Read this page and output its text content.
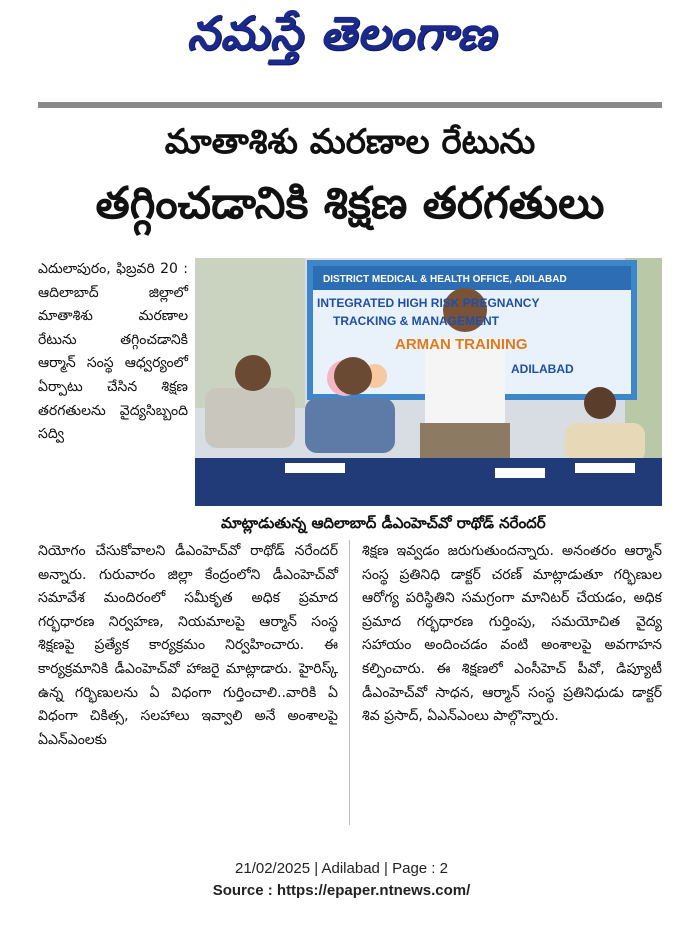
నమస్తే తెలంగాణ
మాతాశిశు మరణాల రేటును
తగ్గించడానికి శిక్షణ తరగతులు

ఎదులాపురం, ఫిబ్రవరి 20 : ఆదిలాబాద్ జిల్లాలో మాతాశిశు మరణాల రేటును తగ్గించడానికి ఆర్మాన్ సంస్థ ఆధ్వర్యంలో ఏర్పాటు చేసిన శిక్షణ తరగతులను వైద్యసిబ్బంది సద్వి

DISTRICT MEDICAL & HEALTH OFFICE, ADILABAD
INTEGRATED HIGH RISK PREGNANCY
TRACKING & MANAGEMENT
ARMAN TRAINING
ADILABAD
మాట్లాడుతున్న ఆదిలాబాద్ డీఎంహెచ్‌వో రాథోడ్ నరేందర్
నియోగం చేసుకోవాలని డీఎంహెచ్‌వో రాథోడ్ నరేందర్ అన్నారు. గురువారం జిల్లా కేంద్రంలోని డీఎంహెచ్‌వో సమావేశ మందిరంలో సమీకృత అధిక ప్రమాద గర్భధారణ నిర్వహణ, నియమాలపై ఆర్మాన్ సంస్థ శిక్షణపై ప్రత్యేక కార్యక్రమం నిర్వహించారు. ఈ కార్యక్రమానికి డీఎంహెచ్‌వో హాజరై మాట్లాడారు. హైరిస్క్ ఉన్న గర్భిణులను ఏ విధంగా గుర్తించాలి..వారికి ఏ విధంగా చికిత్స, సలహాలు ఇవ్వాలి అనే అంశాలపై ఏఎన్‌ఎంలకు
శిక్షణ ఇవ్వడం జరుగుతుందన్నారు. అనంతరం ఆర్మాన్ సంస్థ ప్రతినిధి డాక్టర్ చరణ్ మాట్లాడుతూ గర్భిణుల ఆరోగ్య పరిస్థితిని సమగ్రంగా మానిటర్ చేయడం, అధిక ప్రమాద గర్భధారణ గుర్తింపు, సమయోచిత వైద్య సహాయం అందించడం వంటి అంశాలపై అవగాహన కల్పించారు. ఈ శిక్షణలో ఎంసీహెచ్ పీవో, డిప్యూటీ డీఎంహెచ్‌వో సాధన, ఆర్మాన్ సంస్థ ప్రతినిధుడు డాక్టర్ శివ ప్రసాద్, ఏఎన్‌ఎంలు పాల్గొన్నారు.
21/02/2025 | Adilabad | Page : 2
Source : https://epaper.ntnews.com/
